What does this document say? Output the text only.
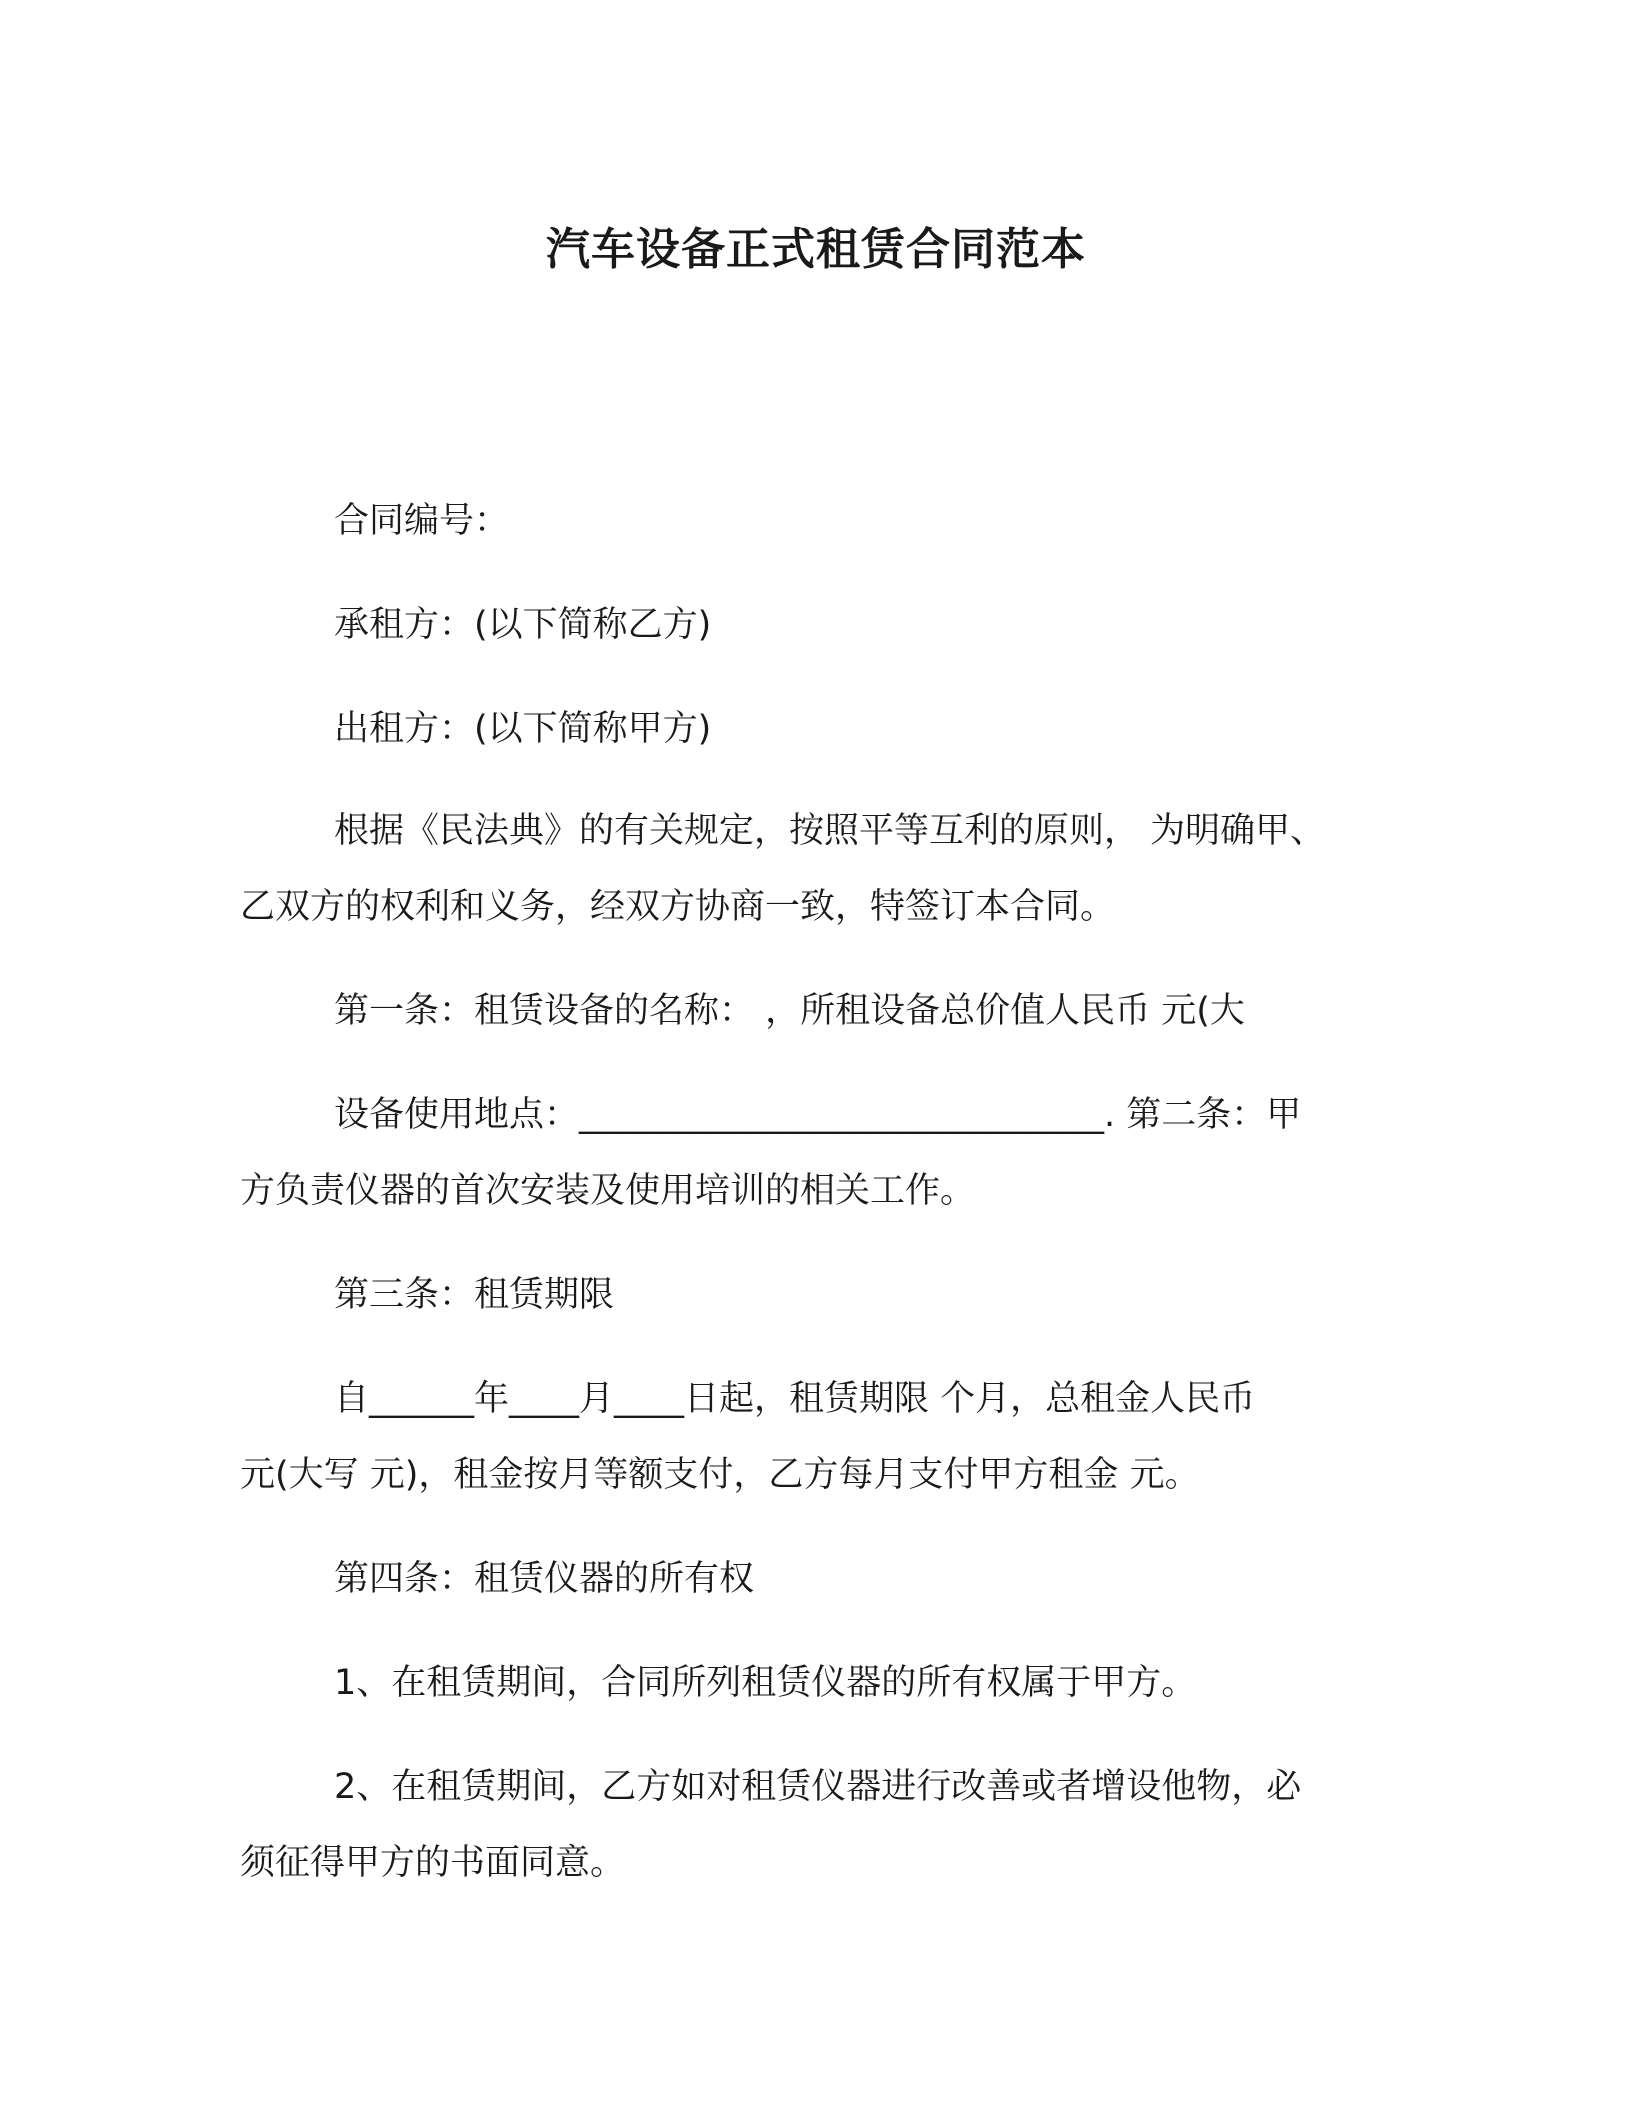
汽车设备正式租赁合同范本
合同编号：
承租方：(以下简称乙方)
出租方：(以下简称甲方)
根据《民法典》的有关规定，按照平等互利的原则， 为明确甲、
乙双方的权利和义务，经双方协商一致，特签订本合同。
第一条：租赁设备的名称： ，所租设备总价值人民币 元(大
设备使用地点：______________________________. 第二条：甲
方负责仪器的首次安装及使用培训的相关工作。
第三条：租赁期限
自______年____月____日起，租赁期限 个月，总租金人民币
元(大写 元)，租金按月等额支付，乙方每月支付甲方租金 元。
第四条：租赁仪器的所有权
1、在租赁期间，合同所列租赁仪器的所有权属于甲方。
2、在租赁期间，乙方如对租赁仪器进行改善或者增设他物，必
须征得甲方的书面同意。
